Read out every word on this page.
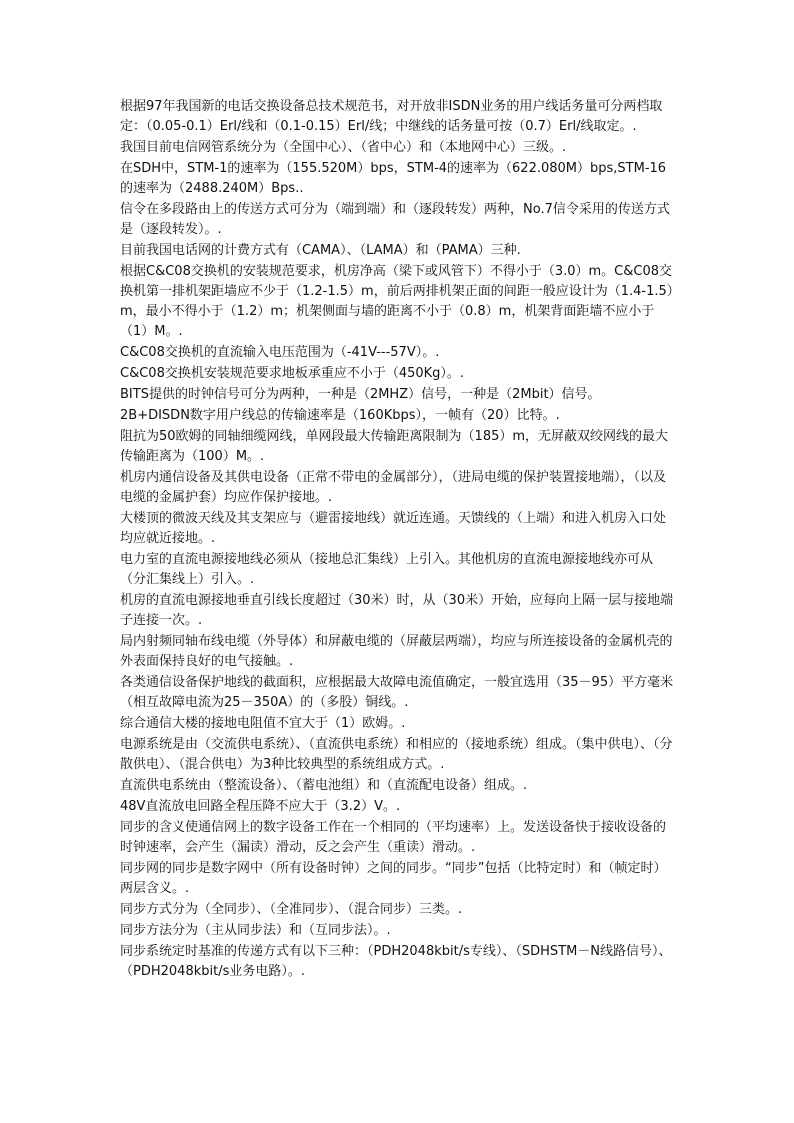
根据97年我国新的电话交换设备总技术规范书，对开放非ISDN业务的用户线话务量可分两档取定：（0.05-0.1）Erl/线和（0.1-0.15）Erl/线；中继线的话务量可按（0.7）Erl/线取定。.

我国目前电信网管系统分为（全国中心）、（省中心）和（本地网中心）三级。.

在SDH中，STM-1的速率为（155.520M）bps，STM-4的速率为（622.080M）bps,STM-16的速率为（2488.240M）Bps..

信令在多段路由上的传送方式可分为（端到端）和（逐段转发）两种，No.7信令采用的传送方式是（逐段转发）。.

目前我国电话网的计费方式有（CAMA）、（LAMA）和（PAMA）三种.

根据C&C08交换机的安装规范要求，机房净高（梁下或风管下）不得小于（3.0）m。C&C08交换机第一排机架距墙应不少于（1.2-1.5）m，前后两排机架正面的间距一般应设计为（1.4-1.5）m，最小不得小于（1.2）m；机架侧面与墙的距离不小于（0.8）m，机架背面距墙不应小于（1）M。.

C&C08交换机的直流输入电压范围为（-41V---57V）。.

C&C08交换机安装规范要求地板承重应不小于（450Kg）。.

BITS提供的时钟信号可分为两种，一种是（2MHZ）信号，一种是（2Mbit）信号。

2B+DISDN数字用户线总的传输速率是（160Kbps），一帧有（20）比特。.

阻抗为50欧姆的同轴细缆网线，单网段最大传输距离限制为（185）m，无屏蔽双绞网线的最大传输距离为（100）M。.

机房内通信设备及其供电设备（正常不带电的金属部分），（进局电缆的保护装置接地端），（以及电缆的金属护套）均应作保护接地。.

大楼顶的微波天线及其支架应与（避雷接地线）就近连通。天馈线的（上端）和进入机房入口处均应就近接地。.

电力室的直流电源接地线必须从（接地总汇集线）上引入。其他机房的直流电源接地线亦可从（分汇集线上）引入。.

机房的直流电源接地垂直引线长度超过（30米）时，从（30米）开始，应每向上隔一层与接地端子连接一次。.

局内射频同轴布线电缆（外导体）和屏蔽电缆的（屏蔽层两端），均应与所连接设备的金属机壳的外表面保持良好的电气接触。.

各类通信设备保护地线的截面积，应根据最大故障电流值确定，一般宜选用（35－95）平方毫米（相互故障电流为25－350A）的（多股）铜线。.

综合通信大楼的接地电阻值不宜大于（1）欧姆。.

电源系统是由（交流供电系统）、（直流供电系统）和相应的（接地系统）组成。（集中供电）、（分散供电）、（混合供电）为3种比较典型的系统组成方式。.

直流供电系统由（整流设备）、（蓄电池组）和（直流配电设备）组成。.

48V直流放电回路全程压降不应大于（3.2）V。.

同步的含义使通信网上的数字设备工作在一个相同的（平均速率）上。发送设备快于接收设备的时钟速率，会产生（漏读）滑动，反之会产生（重读）滑动。.

同步网的同步是数字网中（所有设备时钟）之间的同步。“同步”包括（比特定时）和（帧定时）两层含义。.

同步方式分为（全同步）、（全准同步）、（混合同步）三类。.

同步方法分为（主从同步法）和（互同步法）。.

同步系统定时基准的传递方式有以下三种：（PDH2048kbit/s专线）、（SDHSTM－N线路信号）、（PDH2048kbit/s业务电路）。.
